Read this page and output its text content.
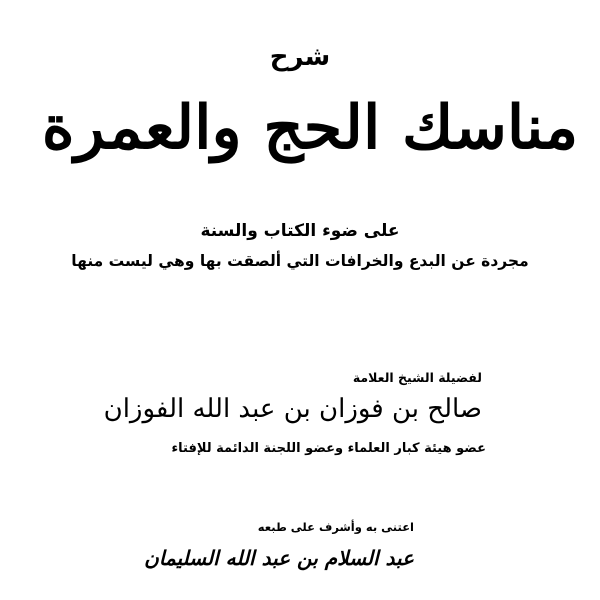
شرح
مناسك الحج والعمرة
على ضوء الكتاب والسنة
مجردة عن البدع والخرافات التي ألصقت بها وهي ليست منها
لفضيلة الشيخ العلامة
صالح بن فوزان بن عبد الله الفوزان
عضو هيئة كبار العلماء وعضو اللجنة الدائمة للإفتاء
اعتنى به وأشرف على طبعه
عبد السلام بن عبد الله السليمان
